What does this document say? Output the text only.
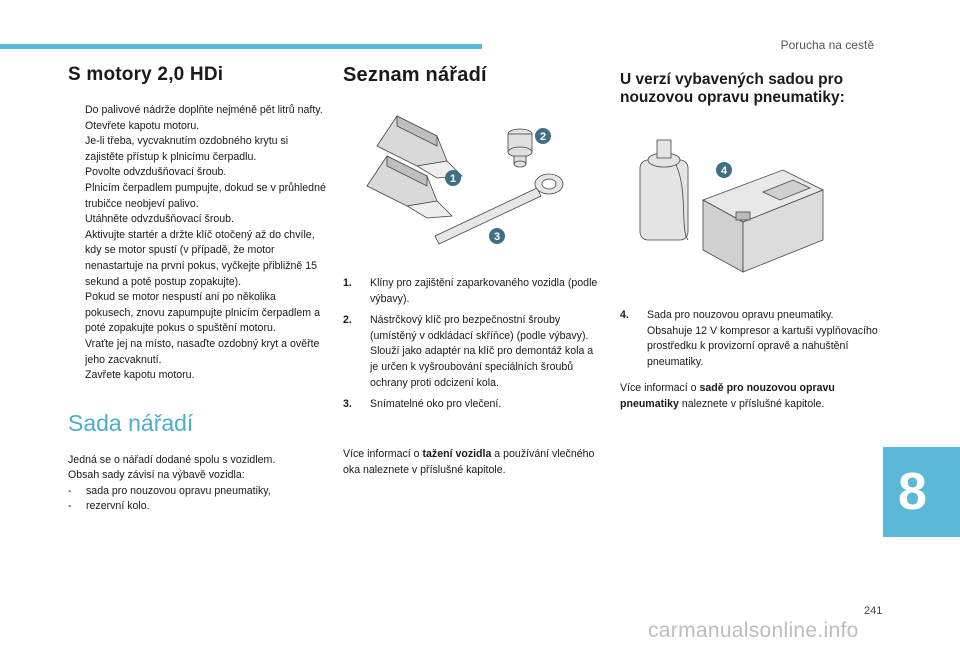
Porucha na cestě
S motory 2,0 HDi
Do palivové nádrže doplňte nejméně pět litrů nafty.
Otevřete kapotu motoru.
Je-li třeba, vycvaknutím ozdobného krytu si zajistěte přístup k plnicímu čerpadlu.
Povolte odvzdušňovací šroub.
Plnicím čerpadlem pumpujte, dokud se v průhledné trubičce neobjeví palivo.
Utáhněte odvzdušňovací šroub.
Aktivujte startér a držte klíč otočený až do chvíle, kdy se motor spustí (v případě, že motor nenastartuje na první pokus, vyčkejte přibližně 15 sekund a poté postup zopakujte).
Pokud se motor nespustí ani po několika pokusech, znovu zapumpujte plnicím čerpadlem a poté zopakujte pokus o spuštění motoru.
Vraťte jej na místo, nasaďte ozdobný kryt a ověřte jeho zacvaknutí.
Zavřete kapotu motoru.
Sada nářadí

Jedná se o nářadí dodané spolu s vozidlem.

Obsah sady závisí na výbavě vozidla:

- sada pro nouzovou opravu pneumatiky,

- rezervní kolo.

Seznam nářadí
1
2
3

1. Klíny pro zajištění zaparkovaného vozidla (podle výbavy).

2. Nástrčkový klíč pro bezpečnostní šrouby (umístěný v odkládací skříňce) (podle výbavy).

Slouží jako adaptér na klíč pro demontáž kola a je určen k vyšroubování speciálních šroubů ochrany proti odcizení kola.

3. Snímatelné oko pro vlečení.

Více informací o tažení vozidla a používání vlečného oka naleznete v příslušné kapitole.

U verzí vybavených sadou pro nouzovou opravu pneumatiky:
4

4. Sada pro nouzovou opravu pneumatiky. Obsahuje 12 V kompresor a kartuši vyplňovacího prostředku k provizorní opravě a nahuštění pneumatiky.

Více informací o sadě pro nouzovou opravu pneumatiky naleznete v příslušné kapitole.

8
241
carmanualsonline.info
